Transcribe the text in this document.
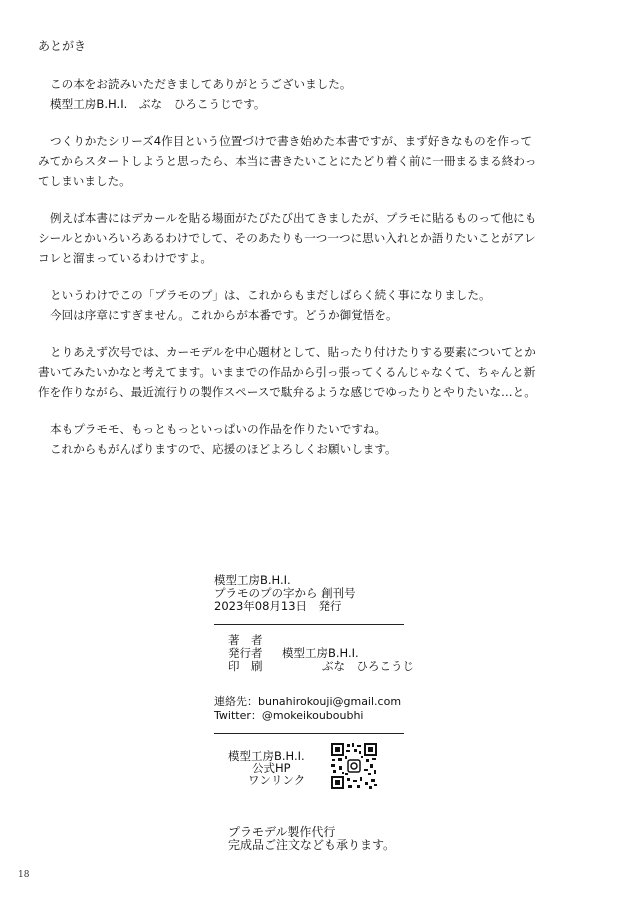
あとがき
この本をお読みいただきましてありがとうございました。
模型工房B.H.I.　ぶな　ひろこうじです。
つくりかたシリーズ4作目という位置づけで書き始めた本書ですが、まず好きなものを作って
みてからスタートしようと思ったら、本当に書きたいことにたどり着く前に一冊まるまる終わっ
てしまいました。
例えば本書にはデカールを貼る場面がたびたび出てきましたが、プラモに貼るものって他にも
シールとかいろいろあるわけでして、そのあたりも一つ一つに思い入れとか語りたいことがアレ
コレと溜まっているわけですよ。
というわけでこの「プラモのプ」は、これからもまだしばらく続く事になりました。
今回は序章にすぎません。これからが本番です。どうか御覚悟を。
とりあえず次号では、カーモデルを中心題材として、貼ったり付けたりする要素についてとか
書いてみたいかなと考えてます。いままでの作品から引っ張ってくるんじゃなくて、ちゃんと新
作を作りながら、最近流行りの製作スペースで駄弁るような感じでゆったりとやりたいな…と。
本もプラモモ、もっともっといっぱいの作品を作りたいですね。
これからもがんばりますので、応援のほどよろしくお願いします。
模型工房B.H.I.
プラモのプの字から 創刊号
2023年08月13日　発行
著　者
発行者	模型工房B.H.I.
印　刷	ぶな　ひろこうじ
連絡先：bunahirokouji@gmail.com
Twitter：@mokeikouboubhi
模型工房B.H.I.
公式HP
ワンリンク
プラモデル製作代行
完成品ご注文なども承ります。
18
